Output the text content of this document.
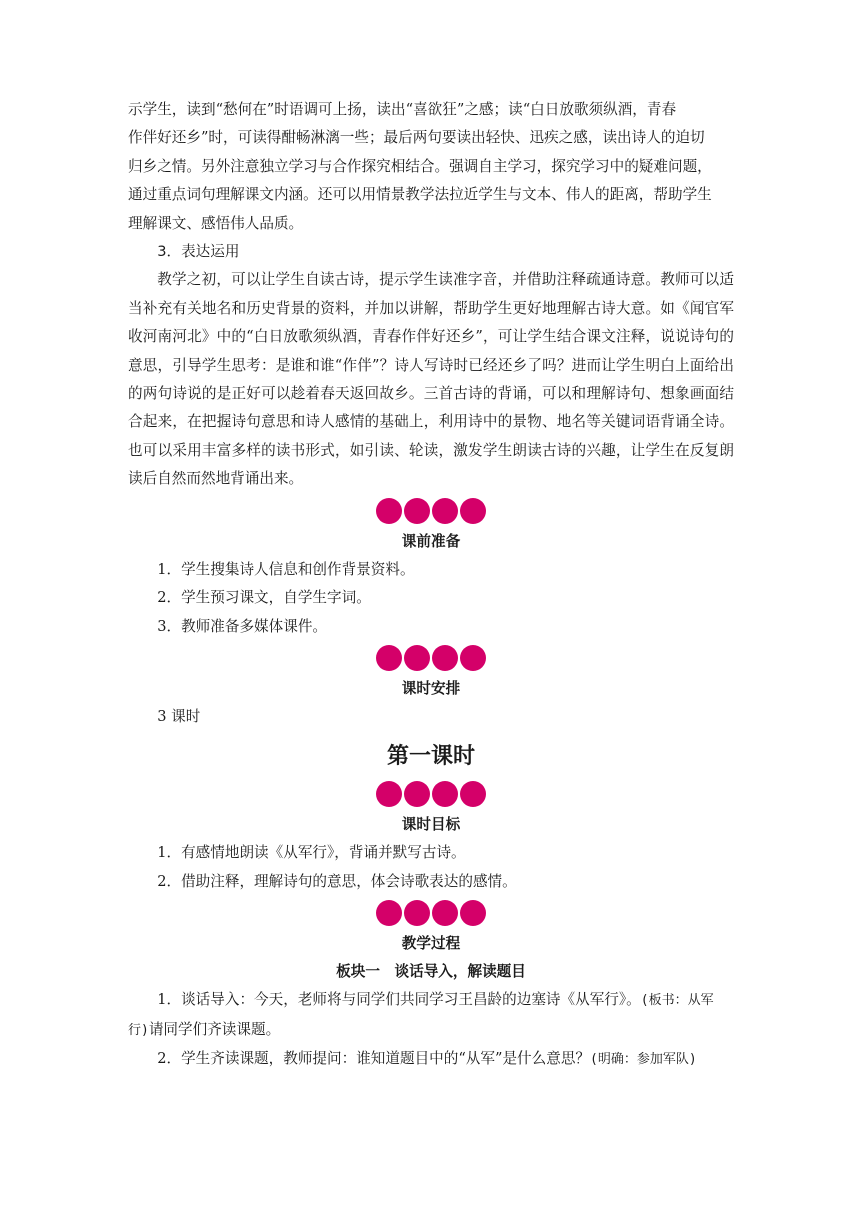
示学生，读到“愁何在”时语调可上扬，读出“喜欲狂”之感；读“白日放歌须纵酒，青春

作伴好还乡”时，可读得酣畅淋漓一些；最后两句要读出轻快、迅疾之感，读出诗人的迫切

归乡之情。另外注意独立学习与合作探究相结合。强调自主学习，探究学习中的疑难问题，

通过重点词句理解课文内涵。还可以用情景教学法拉近学生与文本、伟人的距离，帮助学生

理解课文、感悟伟人品质。

3．表达运用

教学之初，可以让学生自读古诗，提示学生读准字音，并借助注释疏通诗意。教师可以适当补充有关地名和历史背景的资料，并加以讲解，帮助学生更好地理解古诗大意。如《闻官军收河南河北》中的“白日放歌须纵酒，青春作伴好还乡”，可让学生结合课文注释，说说诗句的意思，引导学生思考：是谁和谁“作伴”？诗人写诗时已经还乡了吗？进而让学生明白上面给出的两句诗说的是正好可以趁着春天返回故乡。三首古诗的背诵，可以和理解诗句、想象画面结合起来，在把握诗句意思和诗人感情的基础上，利用诗中的景物、地名等关键词语背诵全诗。也可以采用丰富多样的读书形式，如引读、轮读，激发学生朗读古诗的兴趣，让学生在反复朗读后自然而然地背诵出来。

课前准备

1．学生搜集诗人信息和创作背景资料。

2．学生预习课文，自学生字词。

3．教师准备多媒体课件。

课时安排

3 课时

第一课时
课时目标

1．有感情地朗读《从军行》，背诵并默写古诗。

2．借助注释，理解诗句的意思，体会诗歌表达的感情。

教学过程
板块一　谈话导入，解读题目

1．谈话导入：今天，老师将与同学们共同学习王昌龄的边塞诗《从军行》。(板书：从军
行)请同学们齐读课题。

2．学生齐读课题，教师提问：谁知道题目中的“从军”是什么意思？(明确：参加军队)
